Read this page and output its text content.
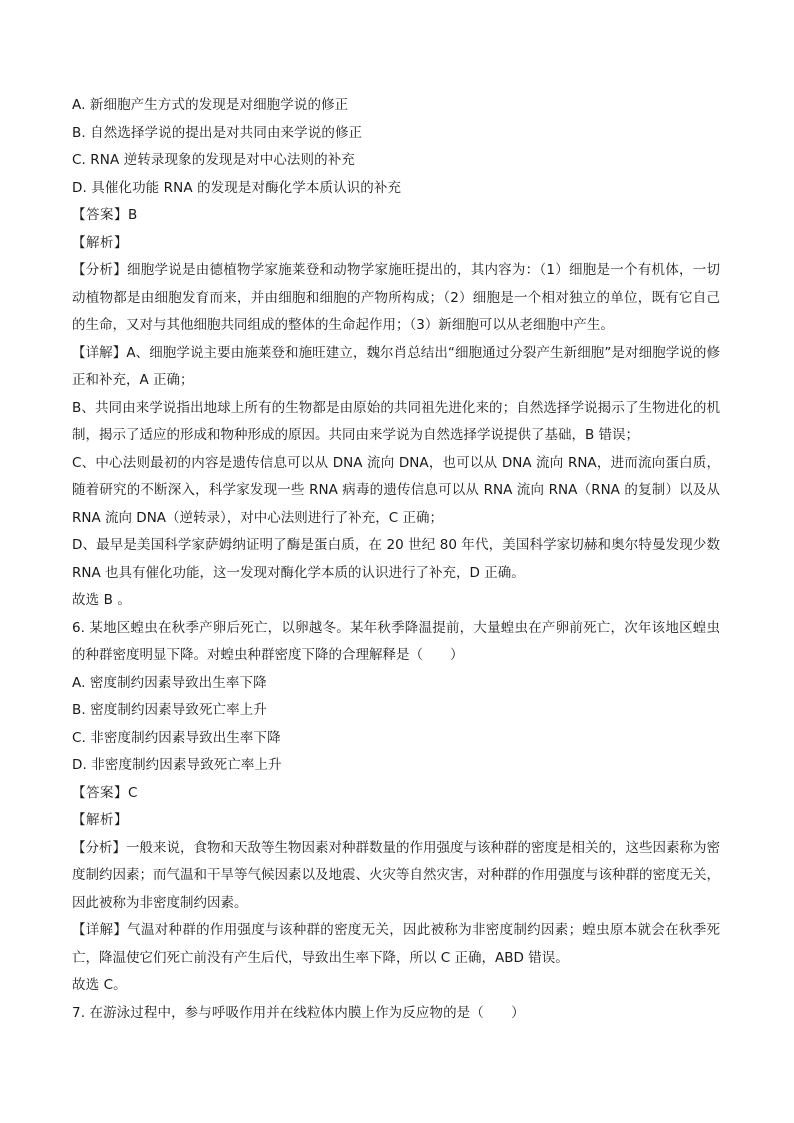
A. 新细胞产生方式的发现是对细胞学说的修正
B. 自然选择学说的提出是对共同由来学说的修正
C. RNA 逆转录现象的发现是对中心法则的补充
D. 具催化功能 RNA 的发现是对酶化学本质认识的补充
【答案】B
【解析】
【分析】细胞学说是由德植物学家施莱登和动物学家施旺提出的，其内容为：（1）细胞是一个有机体，一切动植物都是由细胞发育而来，并由细胞和细胞的产物所构成；（2）细胞是一个相对独立的单位，既有它自己的生命，又对与其他细胞共同组成的整体的生命起作用；（3）新细胞可以从老细胞中产生。
【详解】A、细胞学说主要由施莱登和施旺建立，魏尔肖总结出“细胞通过分裂产生新细胞”是对细胞学说的修正和补充，A 正确；
B、共同由来学说指出地球上所有的生物都是由原始的共同祖先进化来的；自然选择学说揭示了生物进化的机制，揭示了适应的形成和物种形成的原因。共同由来学说为自然选择学说提供了基础，B 错误；
C、中心法则最初的内容是遗传信息可以从 DNA 流向 DNA，也可以从 DNA 流向 RNA，进而流向蛋白质，随着研究的不断深入，科学家发现一些 RNA 病毒的遗传信息可以从 RNA 流向 RNA（RNA 的复制）以及从 RNA 流向 DNA（逆转录），对中心法则进行了补充，C 正确；
D、最早是美国科学家萨姆纳证明了酶是蛋白质，在 20 世纪 80 年代，美国科学家切赫和奥尔特曼发现少数 RNA 也具有催化功能，这一发现对酶化学本质的认识进行了补充，D 正确。
故选 B 。
6. 某地区蝗虫在秋季产卵后死亡，以卵越冬。某年秋季降温提前，大量蝗虫在产卵前死亡，次年该地区蝗虫的种群密度明显下降。对蝗虫种群密度下降的合理解释是（　　）
A. 密度制约因素导致出生率下降
B. 密度制约因素导致死亡率上升
C. 非密度制约因素导致出生率下降
D. 非密度制约因素导致死亡率上升
【答案】C
【解析】
【分析】一般来说，食物和天敌等生物因素对种群数量的作用强度与该种群的密度是相关的，这些因素称为密度制约因素；而气温和干旱等气候因素以及地震、火灾等自然灾害，对种群的作用强度与该种群的密度无关，因此被称为非密度制约因素。
【详解】气温对种群的作用强度与该种群的密度无关，因此被称为非密度制约因素；蝗虫原本就会在秋季死亡，降温使它们死亡前没有产生后代，导致出生率下降，所以 C 正确，ABD 错误。
故选 C。
7. 在游泳过程中，参与呼吸作用并在线粒体内膜上作为反应物的是（　　）
